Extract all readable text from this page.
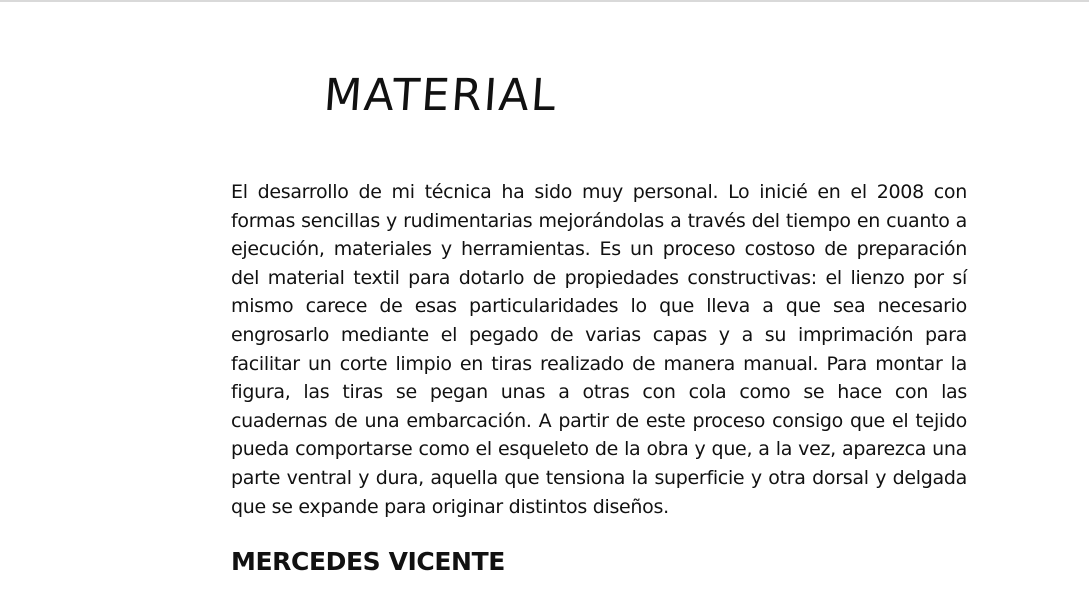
MATERIAL

El desarrollo de mi técnica ha sido muy personal. Lo inicié en el 2008 con formas sencillas y rudimentarias mejorándolas a través del tiempo en cuanto a ejecución, materiales y herramientas. Es un proceso costoso de preparación del material textil para dotarlo de propiedades constructivas: el lienzo por sí mismo carece de esas particularidades lo que lleva a que sea necesario engrosarlo mediante el pegado de varias capas y a su imprimación para facilitar un corte limpio en tiras realizado de manera manual. Para montar la figura, las tiras se pegan unas a otras con cola como se hace con las cuadernas de una embarcación. A partir de este proceso consigo que el tejido pueda comportarse como el esqueleto de la obra y que, a la vez, aparezca una parte ventral y dura, aquella que tensiona la superficie y otra dorsal y delgada que se expande para originar distintos diseños.

MERCEDES VICENTE
